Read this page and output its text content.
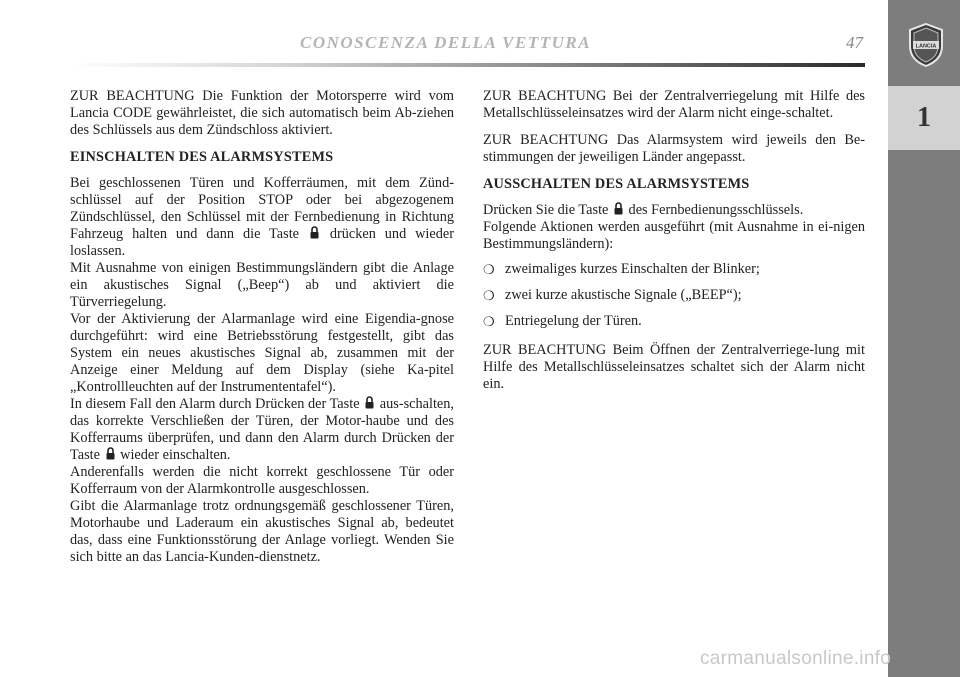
LANCIA
1
CONOSCENZA DELLA VETTURA	47

ZUR BEACHTUNG Die Funktion der Motorsperre wird vom Lancia CODE gewährleistet, die sich automatisch beim Ab-ziehen des Schlüssels aus dem Zündschloss aktiviert.

EINSCHALTEN DES ALARMSYSTEMS

Bei geschlossenen Türen und Kofferräumen, mit dem Zünd-schlüssel auf der Position STOP oder bei abgezogenem Zündschlüssel, den Schlüssel mit der Fernbedienung in Richtung Fahrzeug halten und dann die Taste drücken und wieder loslassen.

Mit Ausnahme von einigen Bestimmungsländern gibt die Anlage ein akustisches Signal („Beep“) ab und aktiviert die Türverriegelung.

Vor der Aktivierung der Alarmanlage wird eine Eigendia-gnose durchgeführt: wird eine Betriebsstörung festgestellt, gibt das System ein neues akustisches Signal ab, zusammen mit der Anzeige einer Meldung auf dem Display (siehe Ka-pitel „Kontrollleuchten auf der Instrumententafel“).

In diesem Fall den Alarm durch Drücken der Taste aus-schalten, das korrekte Verschließen der Türen, der Motor-haube und des Kofferraums überprüfen, und dann den Alarm durch Drücken der Taste wieder einschalten.

Anderenfalls werden die nicht korrekt geschlossene Tür oder Kofferraum von der Alarmkontrolle ausgeschlossen.

Gibt die Alarmanlage trotz ordnungsgemäß geschlossener Türen, Motorhaube und Laderaum ein akustisches Signal ab, bedeutet das, dass eine Funktionsstörung der Anlage vorliegt. Wenden Sie sich bitte an das Lancia-Kunden-dienstnetz.

ZUR BEACHTUNG Bei der Zentralverriegelung mit Hilfe des Metallschlüsseleinsatzes wird der Alarm nicht einge-schaltet.

ZUR BEACHTUNG Das Alarmsystem wird jeweils den Be-stimmungen der jeweiligen Länder angepasst.

AUSSCHALTEN DES ALARMSYSTEMS

Drücken Sie die Taste des Fernbedienungsschlüssels.

Folgende Aktionen werden ausgeführt (mit Ausnahme in ei-nigen Bestimmungsländern):

❍ zweimaliges kurzes Einschalten der Blinker;
❍ zwei kurze akustische Signale („BEEP“);
❍ Entriegelung der Türen.

ZUR BEACHTUNG Beim Öffnen der Zentralverriege-lung mit Hilfe des Metallschlüsseleinsatzes schaltet sich der Alarm nicht ein.

carmanualsonline.info
